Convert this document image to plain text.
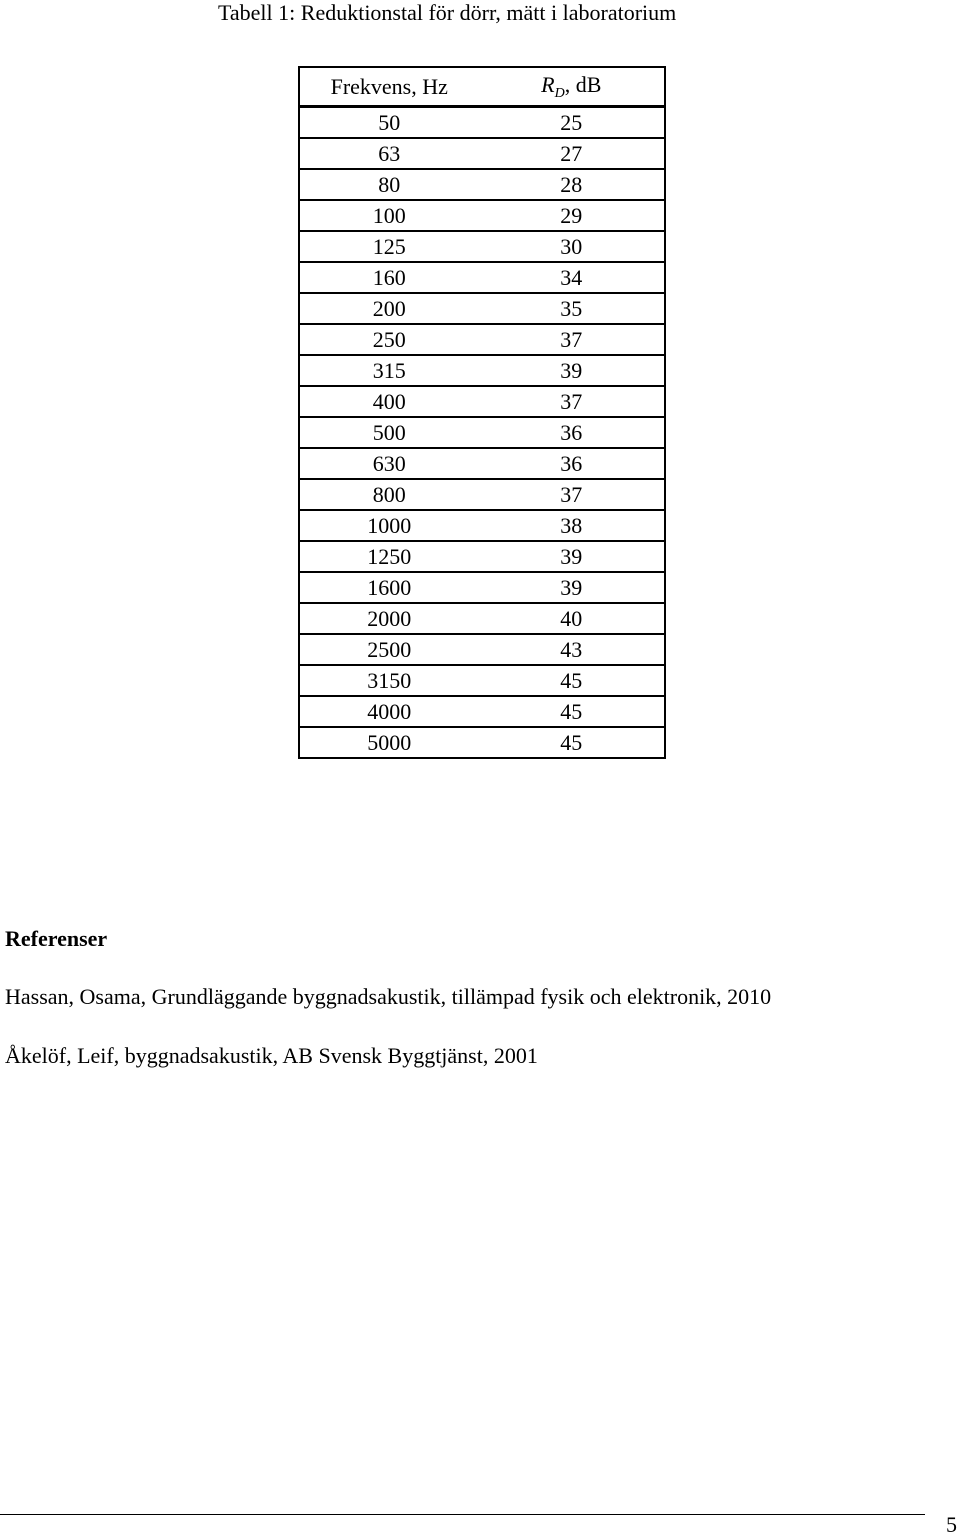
Tabell 1: Reduktionstal för dörr, mätt i laboratorium
Frekvens, Hz	$R_D$, dB
50	25
63	27
80	28
100	29
125	30
160	34
200	35
250	37
315	39
400	37
500	36
630	36
800	37
1000	38
1250	39
1600	39
2000	40
2500	43
3150	45
4000	45
5000	45
Referenser
Hassan, Osama, Grundläggande byggnadsakustik, tillämpad fysik och elektronik, 2010
Åkelöf, Leif, byggnadsakustik, AB Svensk Byggtjänst, 2001
5
